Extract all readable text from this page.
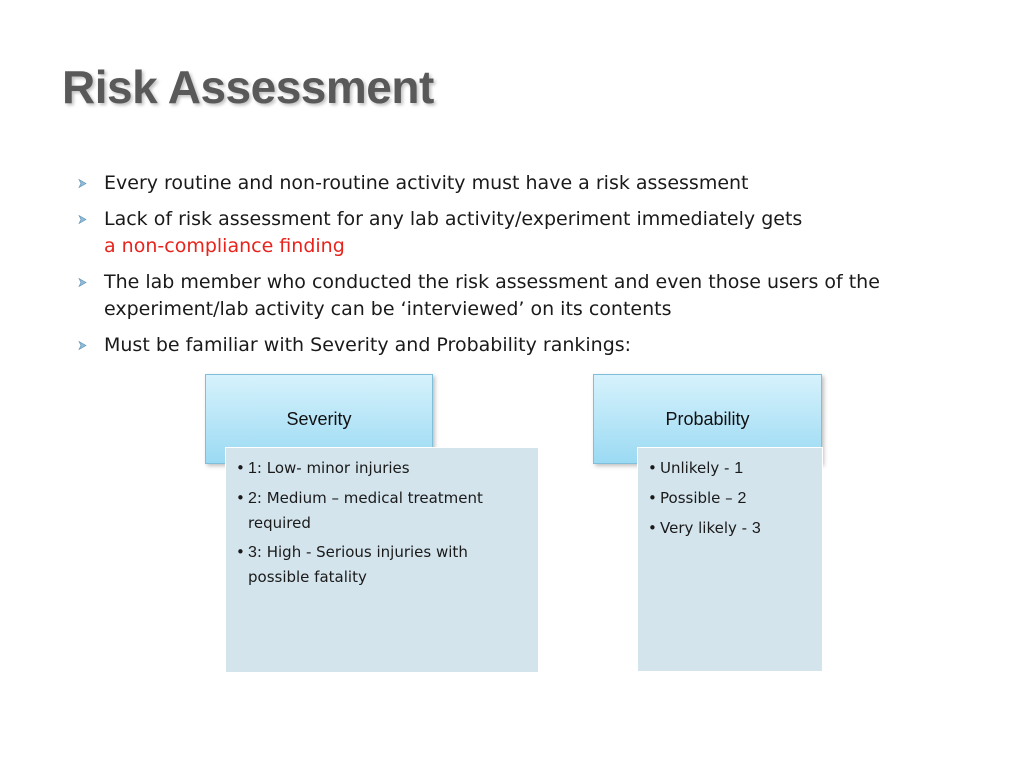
Risk Assessment
Every routine and non-routine activity must have a risk assessment
Lack of risk assessment for any lab activity/experiment immediately gets
a non-compliance finding
The lab member who conducted the risk assessment and even those users of the experiment/lab activity can be ‘interviewed’ on its contents
Must be familiar with Severity and Probability rankings:
Severity	Probability
• 1: Low- minor injuries
• 2: Medium – medical treatment required
• 3: High - Serious injuries with possible fatality
• Unlikely - 1
• Possible – 2
• Very likely - 3
